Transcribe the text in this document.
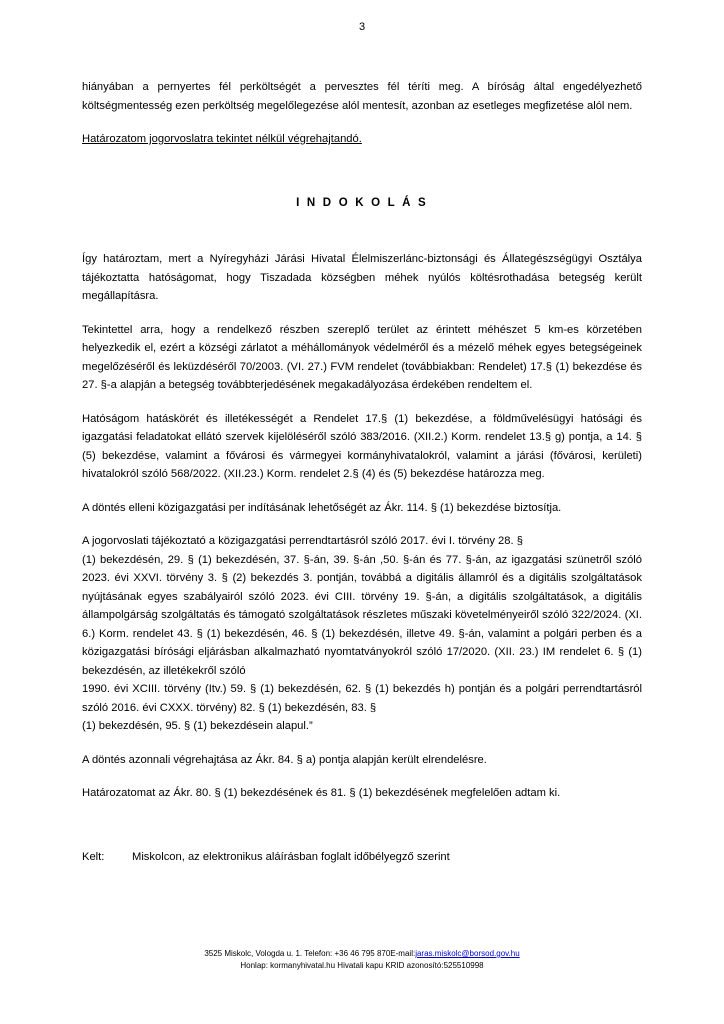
3

hiányában a pernyertes fél perköltségét a pervesztes fél téríti meg. A bíróság által engedélyezhető költségmentesség ezen perköltség megelőlegezése alól mentesít, azonban az esetleges megfizetése alól nem.

Határozatom jogorvoslatra tekintet nélkül végrehajtandó.

I N D O K O L Á S

Így határoztam, mert a Nyíregyházi Járási Hivatal Élelmiszerlánc-biztonsági és Állategészségügyi Osztálya tájékoztatta hatóságomat, hogy Tiszadada községben méhek nyúlós költésrothadása betegség került megállapításra.

Tekintettel arra, hogy a rendelkező részben szereplő terület az érintett méhészet 5 km-es körzetében helyezkedik el, ezért a községi zárlatot a méhállományok védelméről és a mézelő méhek egyes betegségeinek megelőzéséről és leküzdéséről 70/2003. (VI. 27.) FVM rendelet (továbbiakban: Rendelet) 17.§ (1) bekezdése és 27. §-a alapján a betegség továbbterjedésének megakadályozása érdekében rendeltem el.

Hatóságom hatáskörét és illetékességét a Rendelet 17.§ (1) bekezdése, a földművelésügyi hatósági és igazgatási feladatokat ellátó szervek kijelöléséről szóló 383/2016. (XII.2.) Korm. rendelet 13.§ g) pontja, a 14. § (5) bekezdése, valamint a fővárosi és vármegyei kormányhivatalokról, valamint a járási (fővárosi, kerületi) hivatalokról szóló 568/2022. (XII.23.) Korm. rendelet 2.§ (4) és (5) bekezdése határozza meg.

A döntés elleni közigazgatási per indításának lehetőségét az Ákr. 114. § (1) bekezdése biztosítja.

A jogorvoslati tájékoztató a közigazgatási perrendtartásról szóló 2017. évi I. törvény 28. §

(1) bekezdésén, 29. § (1) bekezdésén, 37. §-án, 39. §-án ,50. §-án és 77. §-án, az igazgatási szünetről szóló 2023. évi XXVI. törvény 3. § (2) bekezdés 3. pontján, továbbá a digitális államról és a digitális szolgáltatások nyújtásának egyes szabályairól szóló 2023. évi CIII. törvény 19. §-án, a digitális szolgáltatások, a digitális állampolgárság szolgáltatás és támogató szolgáltatások részletes műszaki követelményeiről szóló 322/2024. (XI. 6.) Korm. rendelet 43. § (1) bekezdésén, 46. § (1) bekezdésén, illetve 49. §-án, valamint a polgári perben és a közigazgatási bírósági eljárásban alkalmazható nyomtatványokról szóló 17/2020. (XII. 23.) IM rendelet 6. § (1) bekezdésén, az illetékekről szóló

1990. évi XCIII. törvény (Itv.) 59. § (1) bekezdésén, 62. § (1) bekezdés h) pontján és a polgári perrendtartásról szóló 2016. évi CXXX. törvény) 82. § (1) bekezdésén, 83. §

(1) bekezdésén, 95. § (1) bekezdésein alapul.”

A döntés azonnali végrehajtása az Ákr. 84. § a) pontja alapján került elrendelésre.

Határozatomat az Ákr. 80. § (1) bekezdésének és 81. § (1) bekezdésének megfelelően adtam ki.

Kelt:	Miskolcon, az elektronikus aláírásban foglalt időbélyegző szerint
3525 Miskolc, Vologda u. 1. Telefon: +36 46 795 870E-mail:jaras.miskolc@borsod.gov.hu
Honlap: kormanyhivatal.hu Hivatali kapu KRID azonosító:525510998
